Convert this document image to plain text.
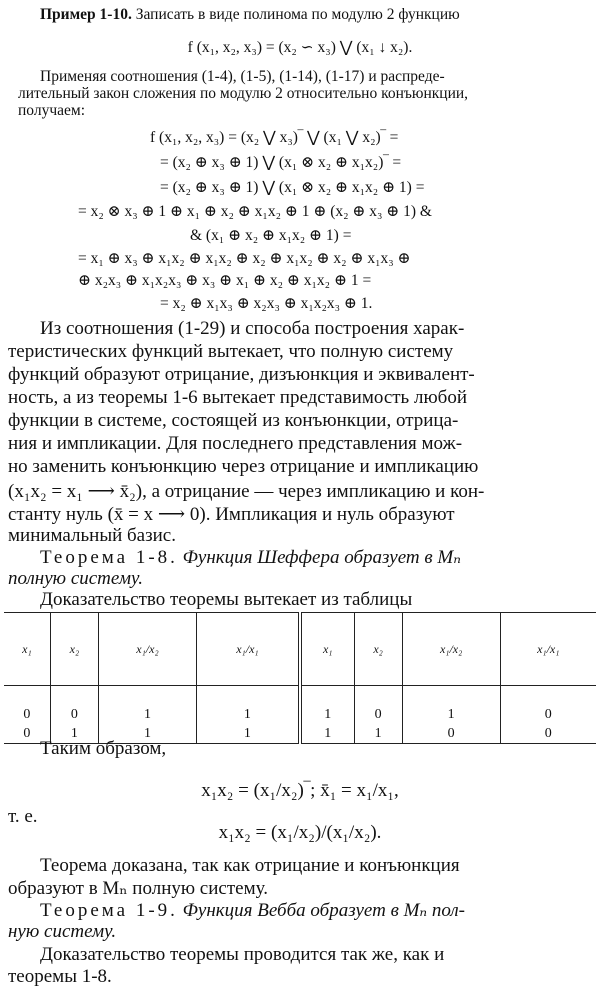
Пример 1-10. Записать в виде полинома по модулю 2 функцию
f (x₁, x₂, x₃) = (x₂ ∽ x₃) ⋁ (x₁ ↓ x₂).
Применяя соотношения (1-4), (1-5), (1-14), (1-17) и распреде-
лительный закон сложения по модулю 2 относительно конъюнкции,
получаем:
f (x₁, x₂, x₃) = (x₂ ⋁ x₃)‾ ⋁ (x₁ ⋁ x₂)‾ =
= (x₂ ⊕ x₃ ⊕ 1) ⋁ (x₁ ⊗ x₂ ⊕ x₁x₂)‾ =
= (x₂ ⊕ x₃ ⊕ 1) ⋁ (x₁ ⊗ x₂ ⊕ x₁x₂ ⊕ 1) =
= x₂ ⊗ x₃ ⊕ 1 ⊕ x₁ ⊕ x₂ ⊕ x₁x₂ ⊕ 1 ⊕ (x₂ ⊕ x₃ ⊕ 1) &
& (x₁ ⊕ x₂ ⊕ x₁x₂ ⊕ 1) =
= x₁ ⊕ x₃ ⊕ x₁x₂ ⊕ x₁x₂ ⊕ x₂ ⊕ x₁x₂ ⊕ x₂ ⊕ x₁x₃ ⊕
⊕ x₂x₃ ⊕ x₁x₂x₃ ⊕ x₃ ⊕ x₁ ⊕ x₂ ⊕ x₁x₂ ⊕ 1 =
= x₂ ⊕ x₁x₃ ⊕ x₂x₃ ⊕ x₁x₂x₃ ⊕ 1.
Из соотношения (1-29) и способа построения харак-
теристических функций вытекает, что полную систему
функций образуют отрицание, дизъюнкция и эквивалент-
ность, а из теоремы 1-6 вытекает представимость любой
функции в системе, состоящей из конъюнкции, отрица-
ния и импликации. Для последнего представления мож-
но заменить конъюнкцию через отрицание и импликацию
(x₁x₂ = x₁ ⟶ x̄₂), а отрицание — через импликацию и кон-
станту нуль (x̄ = x ⟶ 0). Импликация и нуль образуют
минимальный базис.
Теорема 1-8. Функция Шеффера образует в Mₙ
полную систему.
Доказательство теоремы вытекает из таблицы
x₁	x₂	x₁/x₂	x₁/x₁	x₁	x₂	x₁/x₂	x₁/x₁

0	0	1	1	1	0	1	0
0	1	1	1	1	1	0	0
Таким образом,
x₁x₂ = (x₁/x₂)‾; x̄₁ = x₁/x₁,
т. е.
x₁x₂ = (x₁/x₂)/(x₁/x₂).
Теорема доказана, так как отрицание и конъюнкция
образуют в Mₙ полную систему.
Теорема 1-9. Функция Вебба образует в Mₙ пол-
ную систему.
Доказательство теоремы проводится так же, как и
теоремы 1-8.
